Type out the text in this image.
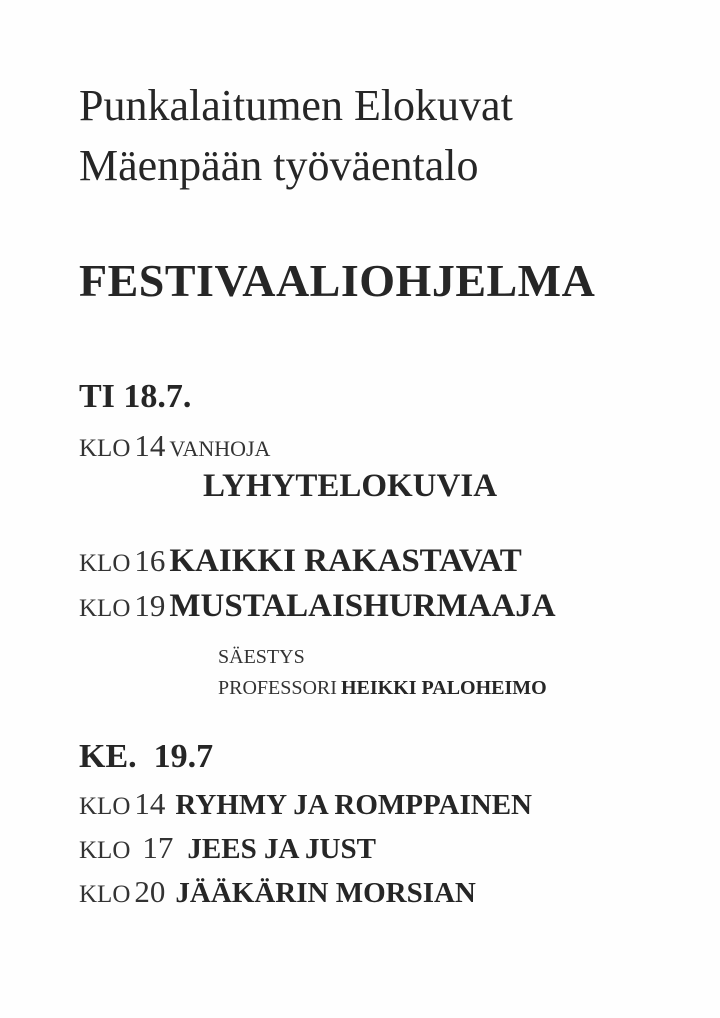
Punkalaitumen Elokuvat
Mäenpään työväentalo
FESTIVAALIOHJELMA
TI 18.7.
KLO 14 VANHOJA
LYHYTELOKUVIA
KLO 16 KAIKKI RAKASTAVAT
KLO 19 MUSTALAISHURMAAJA
SÄESTYS
PROFESSORI HEIKKI PALOHEIMO
KE.  19.7
KLO 14 RYHMY JA ROMPPAINEN
KLO 17 JEES JA JUST
KLO 20 JÄÄKÄRIN MORSIAN
